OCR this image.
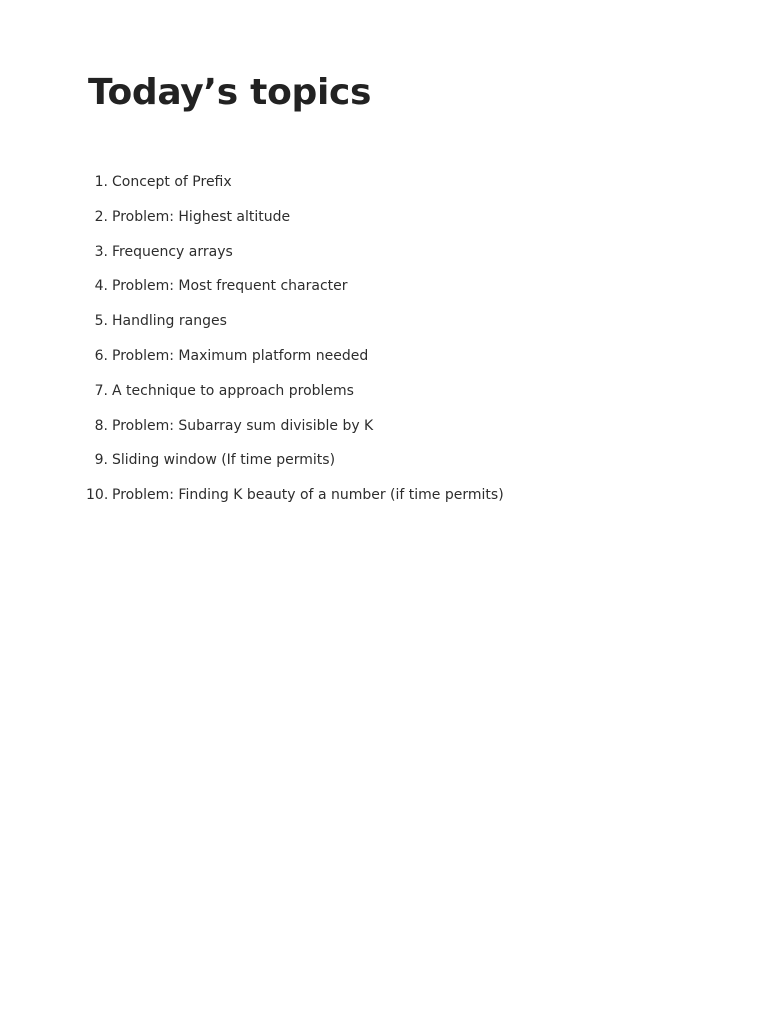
Today’s topics
1. Concept of Prefix
2. Problem: Highest altitude
3. Frequency arrays
4. Problem: Most frequent character
5. Handling ranges
6. Problem: Maximum platform needed
7. A technique to approach problems
8. Problem: Subarray sum divisible by K
9. Sliding window (If time permits)
10. Problem: Finding K beauty of a number (if time permits)
